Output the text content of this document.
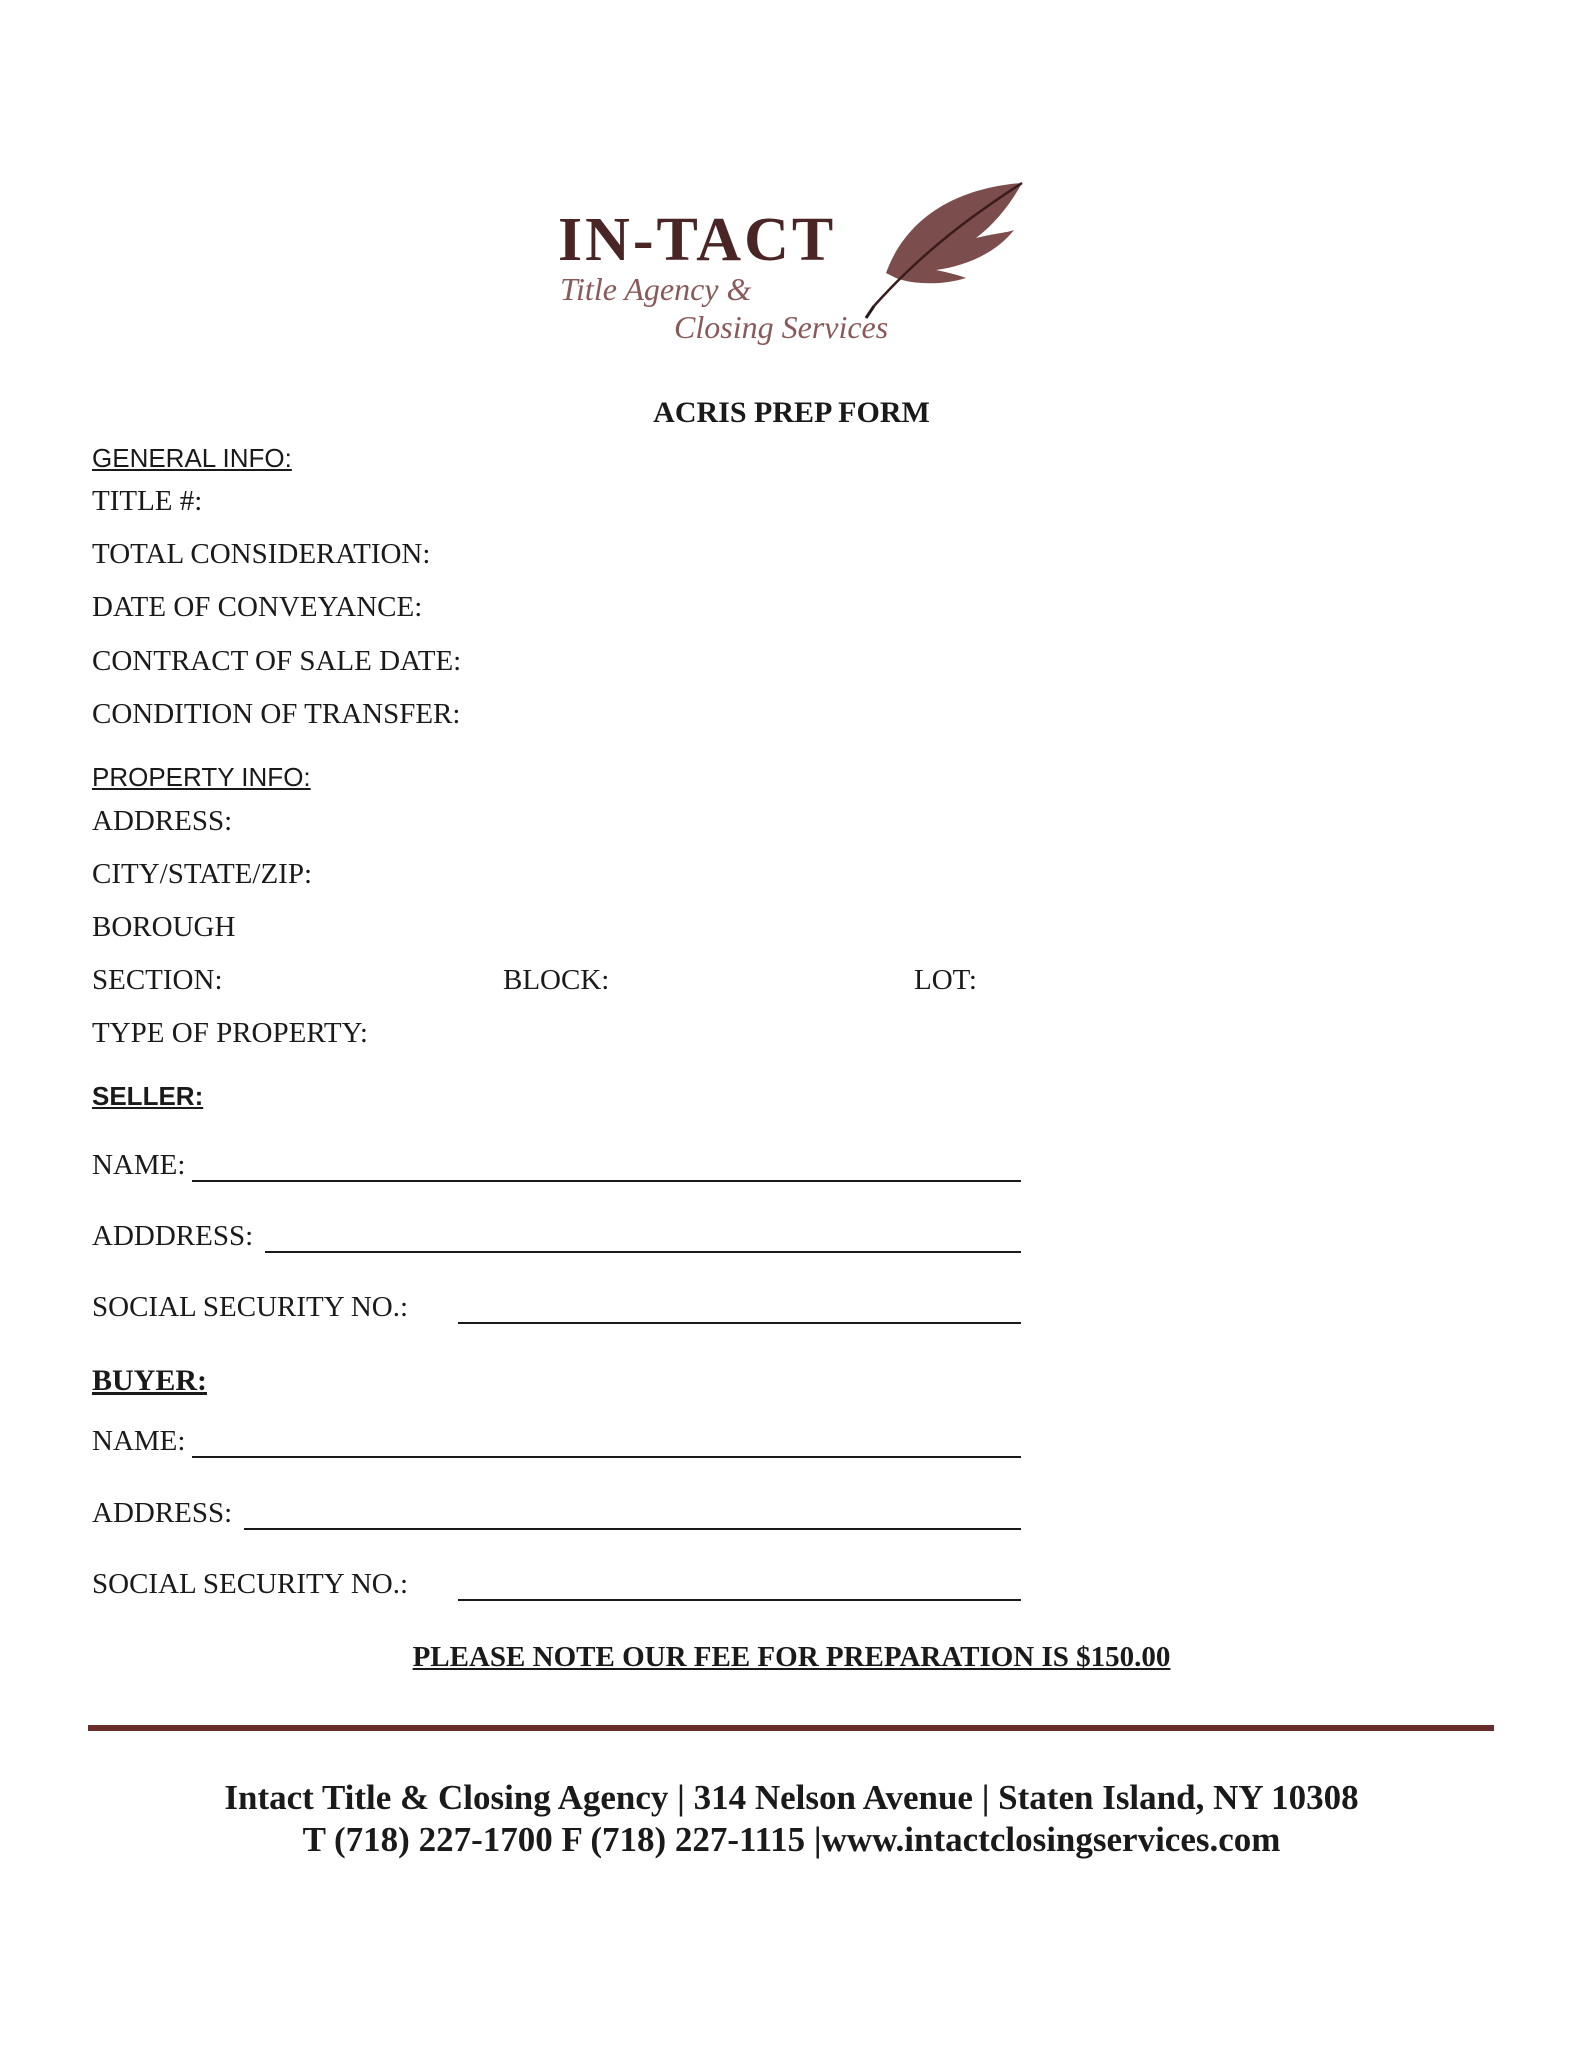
IN-TACT
Title Agency &
Closing Services
ACRIS PREP FORM
GENERAL INFO:
TITLE #:
TOTAL CONSIDERATION:
DATE OF CONVEYANCE:
CONTRACT OF SALE DATE:
CONDITION OF TRANSFER:
PROPERTY INFO:
ADDRESS:
CITY/STATE/ZIP:
BOROUGH
SECTION:	BLOCK:	LOT:
TYPE OF PROPERTY:
SELLER:
NAME:
ADDDRESS:
SOCIAL SECURITY NO.:
BUYER:
NAME:
ADDRESS:
SOCIAL SECURITY NO.:
PLEASE NOTE OUR FEE FOR PREPARATION IS $150.00
Intact Title & Closing Agency | 314 Nelson Avenue | Staten Island, NY 10308
T (718) 227-1700 F (718) 227-1115 |www.intactclosingservices.com
